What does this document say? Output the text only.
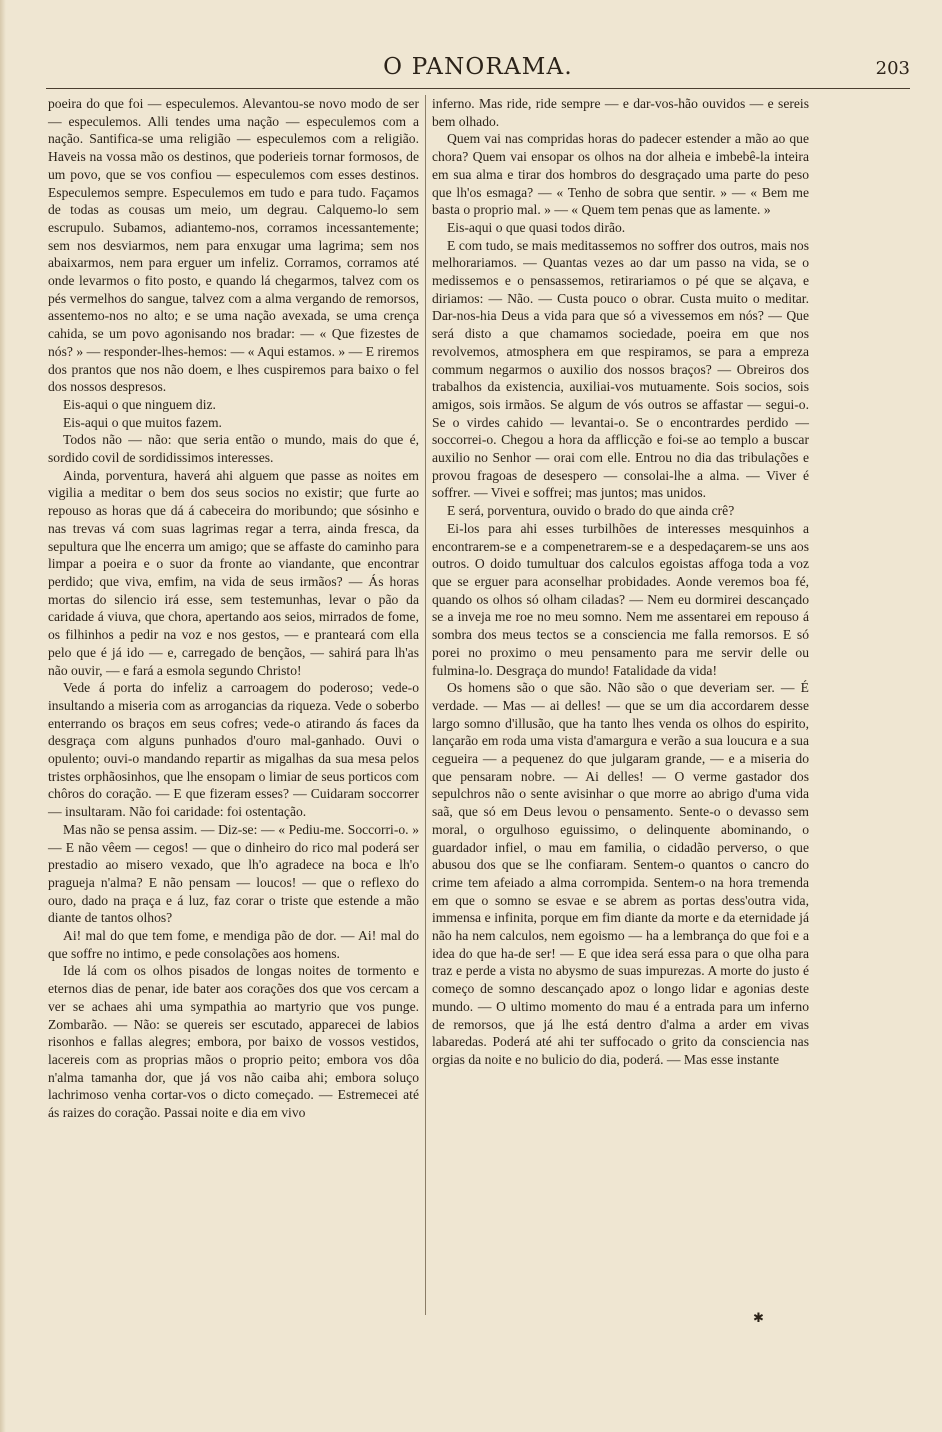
O PANORAMA.	203

poeira do que foi — especulemos. Alevantou-se novo modo de ser — especulemos. Alli tendes uma nação — especulemos com a nação. Santifica-se uma religião — especulemos com a religião. Haveis na vossa mão os destinos, que poderieis tornar formosos, de um povo, que se vos confiou — especulemos com esses destinos. Especulemos sempre. Especulemos em tudo e para tudo. Façamos de todas as cousas um meio, um degrau. Calquemo-lo sem escrupulo. Subamos, adiantemo-nos, corramos incessantemente; sem nos desviarmos, nem para enxugar uma lagrima; sem nos abaixarmos, nem para erguer um infeliz. Corramos, corramos até onde levarmos o fito posto, e quando lá chegarmos, talvez com os pés vermelhos do sangue, talvez com a alma vergando de remorsos, assentemo-nos no alto; e se uma nação avexada, se uma crença cahida, se um povo agonisando nos bradar: — « Que fizestes de nós? » — responder-lhes-hemos: — « Aqui estamos. » — E riremos dos prantos que nos não doem, e lhes cuspiremos para baixo o fel dos nossos despresos.

Eis-aqui o que ninguem diz.

Eis-aqui o que muitos fazem.

Todos não — não: que seria então o mundo, mais do que é, sordido covil de sordidissimos interesses.

Ainda, porventura, haverá ahi alguem que passe as noites em vigilia a meditar o bem dos seus socios no existir; que furte ao repouso as horas que dá á cabeceira do moribundo; que sósinho e nas trevas vá com suas lagrimas regar a terra, ainda fresca, da sepultura que lhe encerra um amigo; que se affaste do caminho para limpar a poeira e o suor da fronte ao viandante, que encontrar perdido; que viva, emfim, na vida de seus irmãos? — Ás horas mortas do silencio irá esse, sem testemunhas, levar o pão da caridade á viuva, que chora, apertando aos seios, mirrados de fome, os filhinhos a pedir na voz e nos gestos, — e pranteará com ella pelo que é já ido — e, carregado de bençãos, — sahirá para lh'as não ouvir, — e fará a esmola segundo Christo!

Vede á porta do infeliz a carroagem do poderoso; vede-o insultando a miseria com as arrogancias da riqueza. Vede o soberbo enterrando os braços em seus cofres; vede-o atirando ás faces da desgraça com alguns punhados d'ouro mal-ganhado. Ouvi o opulento; ouvi-o mandando repartir as migalhas da sua mesa pelos tristes orphãosinhos, que lhe ensopam o limiar de seus porticos com chôros do coração. — E que fizeram esses? — Cuidaram soccorrer — insultaram. Não foi caridade: foi ostentação.

Mas não se pensa assim. — Diz-se: — « Pediu-me. Soccorri-o. » — E não vêem — cegos! — que o dinheiro do rico mal poderá ser prestadio ao misero vexado, que lh'o agradece na boca e lh'o praguejа n'alma? E não pensam — loucos! — que o reflexo do ouro, dado na praça e á luz, faz corar o triste que estende a mão diante de tantos olhos?

Ai! mal do que tem fome, e mendiga pão de dor. — Ai! mal do que soffre no intimo, e pede consolações aos homens.

Ide lá com os olhos pisados de longas noites de tormento e eternos dias de penar, ide bater aos corações dos que vos cercam a ver se achaes ahi uma sympathia ao martyrio que vos punge. Zombarão. — Não: se quereis ser escutado, apparecei de labios risonhos e fallas alegres; embora, por baixo de vossos vestidos, lacereis com as proprias mãos o proprio peito; embora vos dôa n'alma tamanha dor, que já vos não caiba ahi; embora soluço lachrimoso venha cortar-vos o dicto começado. — Estremecei até ás raizes do coração. Passai noite e dia em vivo

inferno. Mas ride, ride sempre — e dar-vos-hão ouvidos — e sereis bem olhado.

Quem vai nas compridas horas do padecer estender a mão ao que chora? Quem vai ensopar os olhos na dor alheia e imbebê-la inteira em sua alma e tirar dos hombros do desgraçado uma parte do peso que lh'os esmaga? — « Tenho de sobra que sentir. » — « Bem me basta o proprio mal. » — « Quem tem penas que as lamente. »

Eis-aqui o que quasi todos dirão.

E com tudo, se mais meditassemos no soffrer dos outros, mais nos melhorariamos. — Quantas vezes ao dar um passo na vida, se o medissemos e o pensassemos, retirariamos o pé que se alçava, e diriamos: — Não. — Custa pouco o obrar. Custa muito o meditar. Dar-nos-hia Deus a vida para que só a vivessemos em nós? — Que será disto a que chamamos sociedade, poeira em que nos revolvemos, atmosphera em que respiramos, se para a empreza commum negarmos o auxilio dos nossos braços? — Obreiros dos trabalhos da existencia, auxiliai-vos mutuamente. Sois socios, sois amigos, sois irmãos. Se algum de vós outros se affastar — segui-o. Se o virdes cahido — levantai-o. Se o encontrardes perdido — soccorrei-o. Chegou a hora da afflicção e foi-se ao templo a buscar auxilio no Senhor — orai com elle. Entrou no dia das tribulações e provou fragoas de desespero — consolai-lhe a alma. — Viver é soffrer. — Vivei e soffrei; mas juntos; mas unidos.

E será, porventura, ouvido o brado do que ainda crê?

Ei-los para ahi esses turbilhões de interesses mesquinhos a encontrarem-se e a compenetrarem-se e a despedaçarem-se uns aos outros. O doido tumultuar dos calculos egoistas affoga toda a voz que se erguer para aconselhar probidades. Aonde veremos boa fé, quando os olhos só olham ciladas? — Nem eu dormirei descançado se a inveja me roe no meu somno. Nem me assentarei em repouso á sombra dos meus tectos se a consciencia me falla remorsos. E só porei no proximo o meu pensamento para me servir delle ou fulmina-lo. Desgraça do mundo! Fatalidade da vida!

Os homens são o que são. Não são o que deveriam ser. — É verdade. — Mas — ai delles! — que se um dia accordarem desse largo somno d'illusão, que ha tanto lhes venda os olhos do espirito, lançarão em roda uma vista d'amargura e verão a sua loucura e a sua cegueira — a pequenez do que julgaram grande, — e a miseria do que pensaram nobre. — Ai delles! — O verme gastador dos sepulchros não o sente avisinhar o que morre ao abrigo d'uma vida saã, que só em Deus levou o pensamento. Sente-o o devasso sem moral, o orgulhoso eguissimo, o delinquente abominando, o guardador infiel, o mau em familia, o cidadão perverso, o que abusou dos que se lhe confiaram. Sentem-o quantos o cancro do crime tem afeiado a alma corrompida. Sentem-o na hora tremenda em que o somno se esvae e se abrem as portas dess'outra vida, immensa e infinita, porque em fim diante da morte e da eternidade já não ha nem calculos, nem egoismo — ha a lembrança do que foi e a idea do que ha-de ser! — E que idea será essa para o que olha para traz e perde a vista no abysmo de suas impurezas. A morte do justo é começo de somno descançado apoz o longo lidar e agonias deste mundo. — O ultimo momento do mau é a entrada para um inferno de remorsos, que já lhe está dentro d'alma a arder em vivas labaredas. Poderá até ahi ter suffocado o grito da consciencia nas orgias da noite e no bulicio do dia, poderá. — Mas esse instante

✱
